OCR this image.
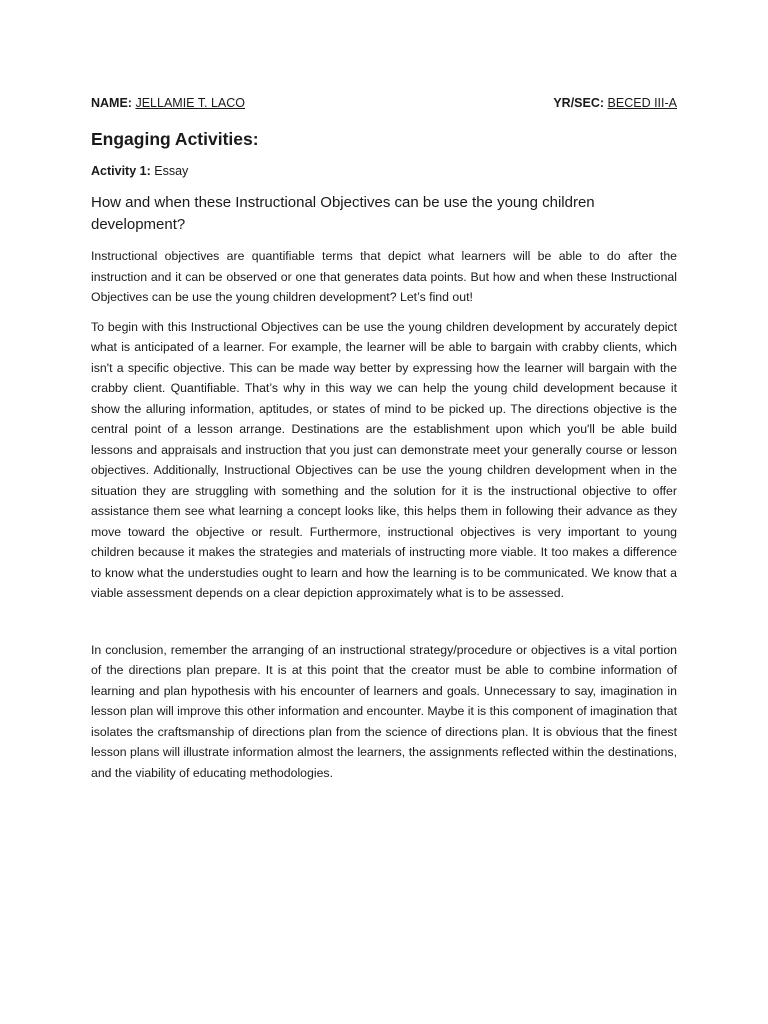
NAME: JELLAMIE T. LACO	YR/SEC: BECED III-A
Engaging Activities:
Activity 1: Essay
How and when these Instructional Objectives can be use the young children development?

Instructional objectives are quantifiable terms that depict what learners will be able to do after the instruction and it can be observed or one that generates data points. But how and when these Instructional Objectives can be use the young children development? Let’s find out!

To begin with this Instructional Objectives can be use the young children development by accurately depict what is anticipated of a learner. For example, the learner will be able to bargain with crabby clients, which isn't a specific objective. This can be made way better by expressing how the learner will bargain with the crabby client. Quantifiable. That’s why in this way we can help the young child development because it show the alluring information, aptitudes, or states of mind to be picked up. The directions objective is the central point of a lesson arrange. Destinations are the establishment upon which you'll be able build lessons and appraisals and instruction that you just can demonstrate meet your generally course or lesson objectives. Additionally, Instructional Objectives can be use the young children development when in the situation they are struggling with something and the solution for it is the instructional objective to offer assistance them see what learning a concept looks like, this helps them in following their advance as they move toward the objective or result. Furthermore, instructional objectives is very important to young children because it makes the strategies and materials of instructing more viable. It too makes a difference to know what the understudies ought to learn and how the learning is to be communicated. We know that a viable assessment depends on a clear depiction approximately what is to be assessed.

In conclusion, remember the arranging of an instructional strategy/procedure or objectives is a vital portion of the directions plan prepare. It is at this point that the creator must be able to combine information of learning and plan hypothesis with his encounter of learners and goals. Unnecessary to say, imagination in lesson plan will improve this other information and encounter. Maybe it is this component of imagination that isolates the craftsmanship of directions plan from the science of directions plan. It is obvious that the finest lesson plans will illustrate information almost the learners, the assignments reflected within the destinations, and the viability of educating methodologies.
